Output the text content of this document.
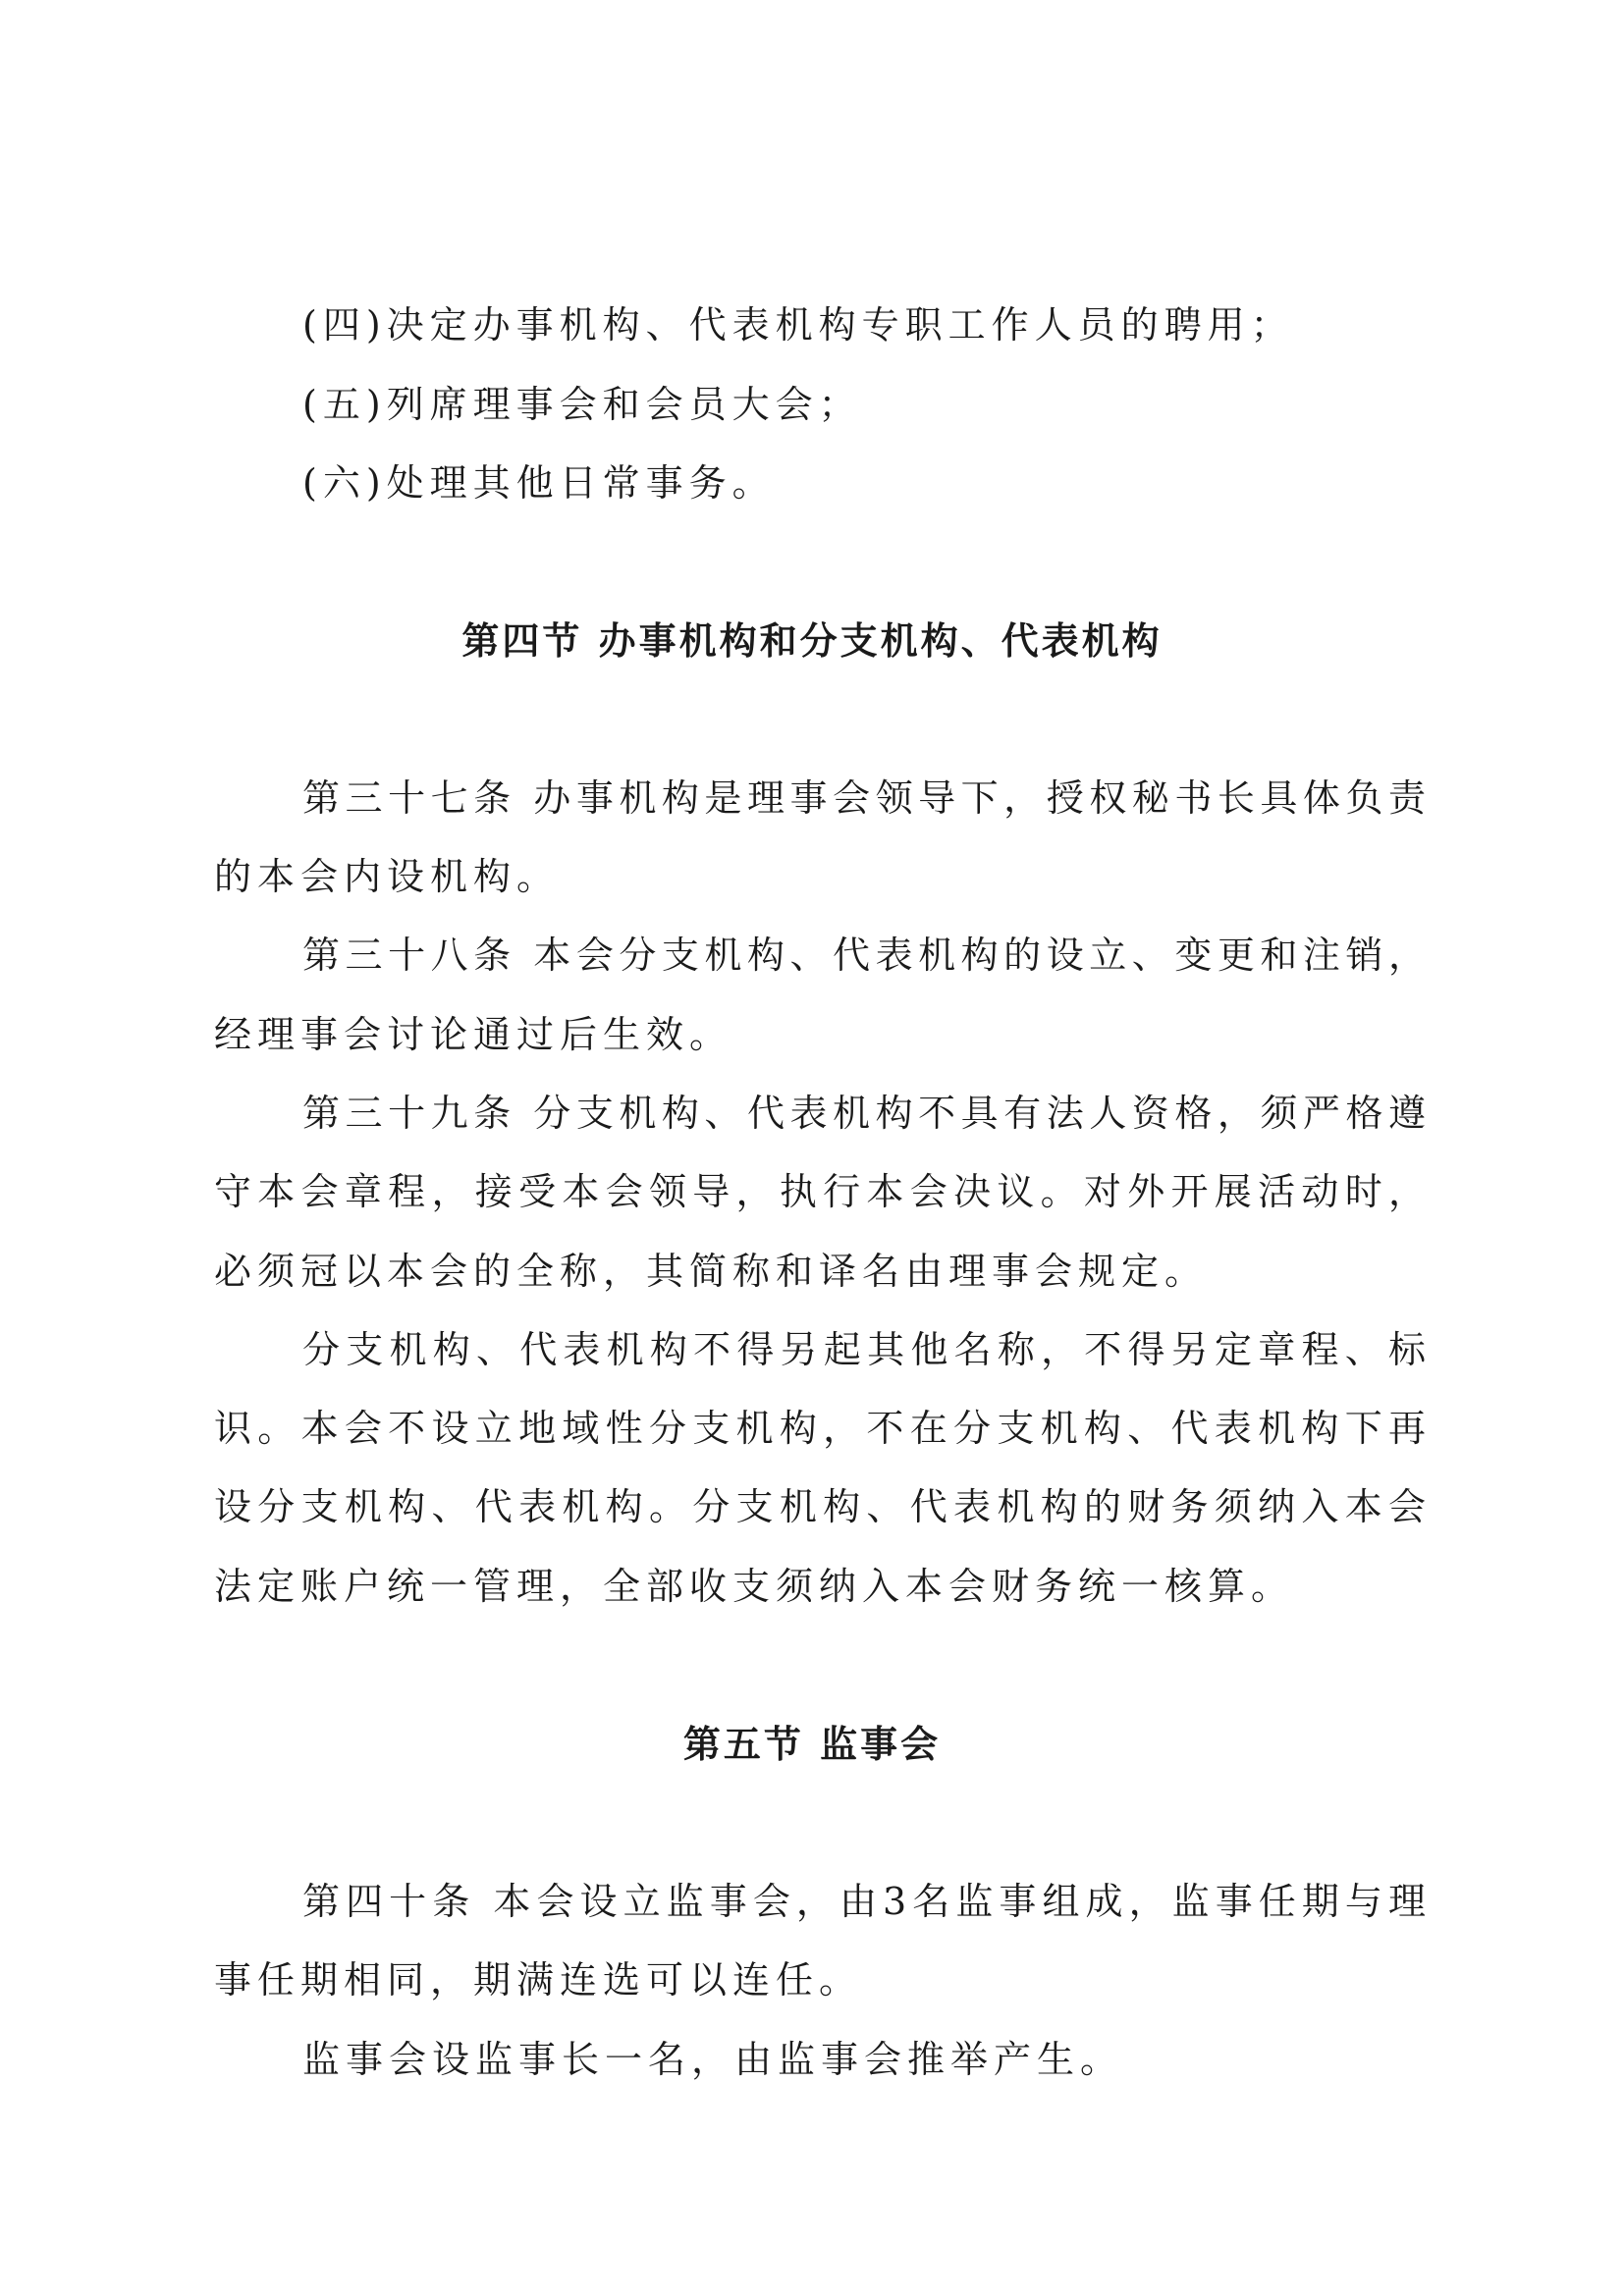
(四)决定办事机构、代表机构专职工作人员的聘用；
(五)列席理事会和会员大会；
(六)处理其他日常事务。
第四节 办事机构和分支机构、代表机构
第三十七条 办事机构是理事会领导下，授权秘书长具体负责
的本会内设机构。
第三十八条 本会分支机构、代表机构的设立、变更和注销，
经理事会讨论通过后生效。
第三十九条 分支机构、代表机构不具有法人资格，须严格遵
守本会章程，接受本会领导，执行本会决议。对外开展活动时，
必须冠以本会的全称，其简称和译名由理事会规定。
分支机构、代表机构不得另起其他名称，不得另定章程、标
识。本会不设立地域性分支机构，不在分支机构、代表机构下再
设分支机构、代表机构。分支机构、代表机构的财务须纳入本会
法定账户统一管理，全部收支须纳入本会财务统一核算。
第五节 监事会
第四十条 本会设立监事会，由3名监事组成，监事任期与理
事任期相同，期满连选可以连任。
监事会设监事长一名，由监事会推举产生。
